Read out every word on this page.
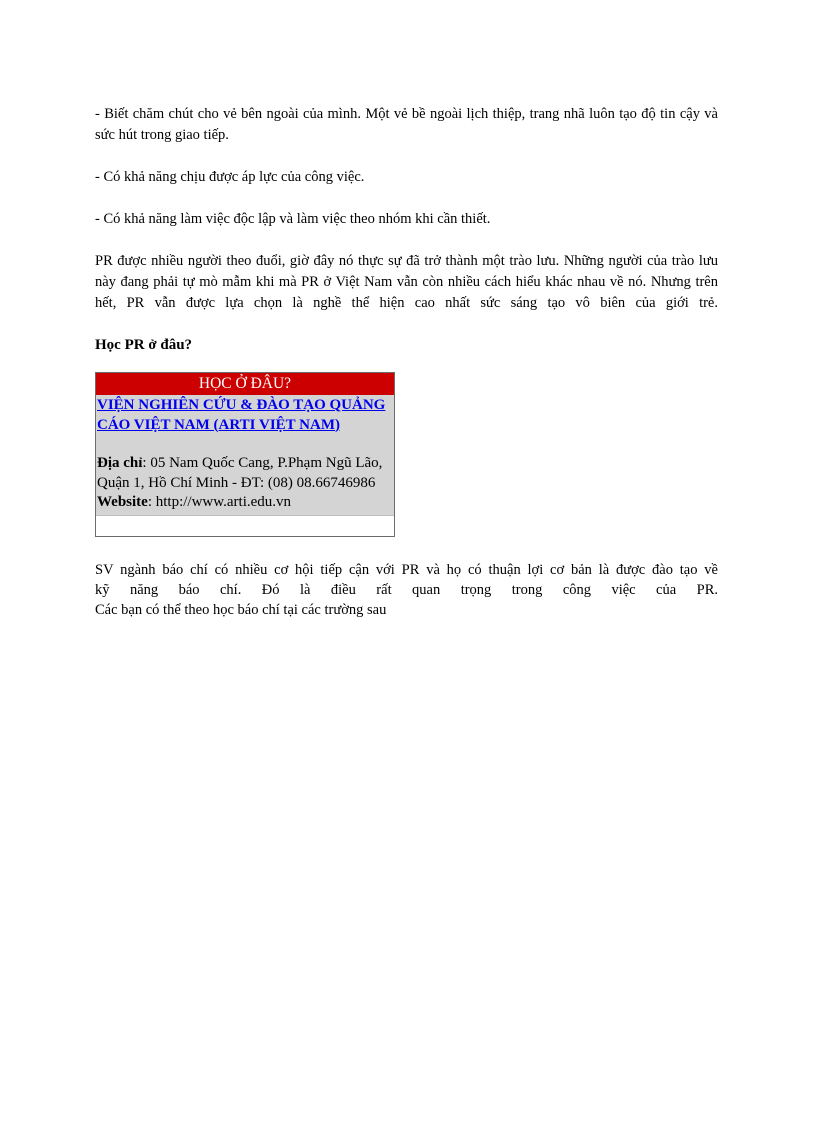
- Biết chăm chút cho vẻ bên ngoài của mình. Một vẻ bề ngoài lịch thiệp, trang nhã luôn tạo độ tin cậy và sức hút trong giao tiếp.

- Có khả năng chịu được áp lực của công việc.

- Có khả năng làm việc độc lập và làm việc theo nhóm khi cần thiết.

PR được nhiều người theo đuổi, giờ đây nó thực sự đã trở thành một trào lưu. Những người của trào lưu này đang phải tự mò mẫm khi mà PR ở Việt Nam vẫn còn nhiều cách hiểu khác nhau về nó. Nhưng trên hết, PR vẫn được lựa chọn là nghề thể hiện cao nhất sức sáng tạo vô biên của giới trẻ.

Học PR ở đâu?
HỌC Ở ĐÂU?
VIỆN NGHIÊN CỨU & ĐÀO TẠO QUẢNG CÁO VIỆT NAM (ARTI VIỆT NAM)
Địa chỉ: 05 Nam Quốc Cang, P.Phạm Ngũ Lão, Quận 1, Hồ Chí Minh - ĐT: (08) 08.66746986
Website: http://www.arti.edu.vn
SV ngành báo chí có nhiều cơ hội tiếp cận với PR và họ có thuận lợi cơ bản là được đào tạo về
kỹ năng báo chí. Đó là điều rất quan trọng trong công việc của PR.
Các bạn có thể theo học báo chí tại các trường sau
